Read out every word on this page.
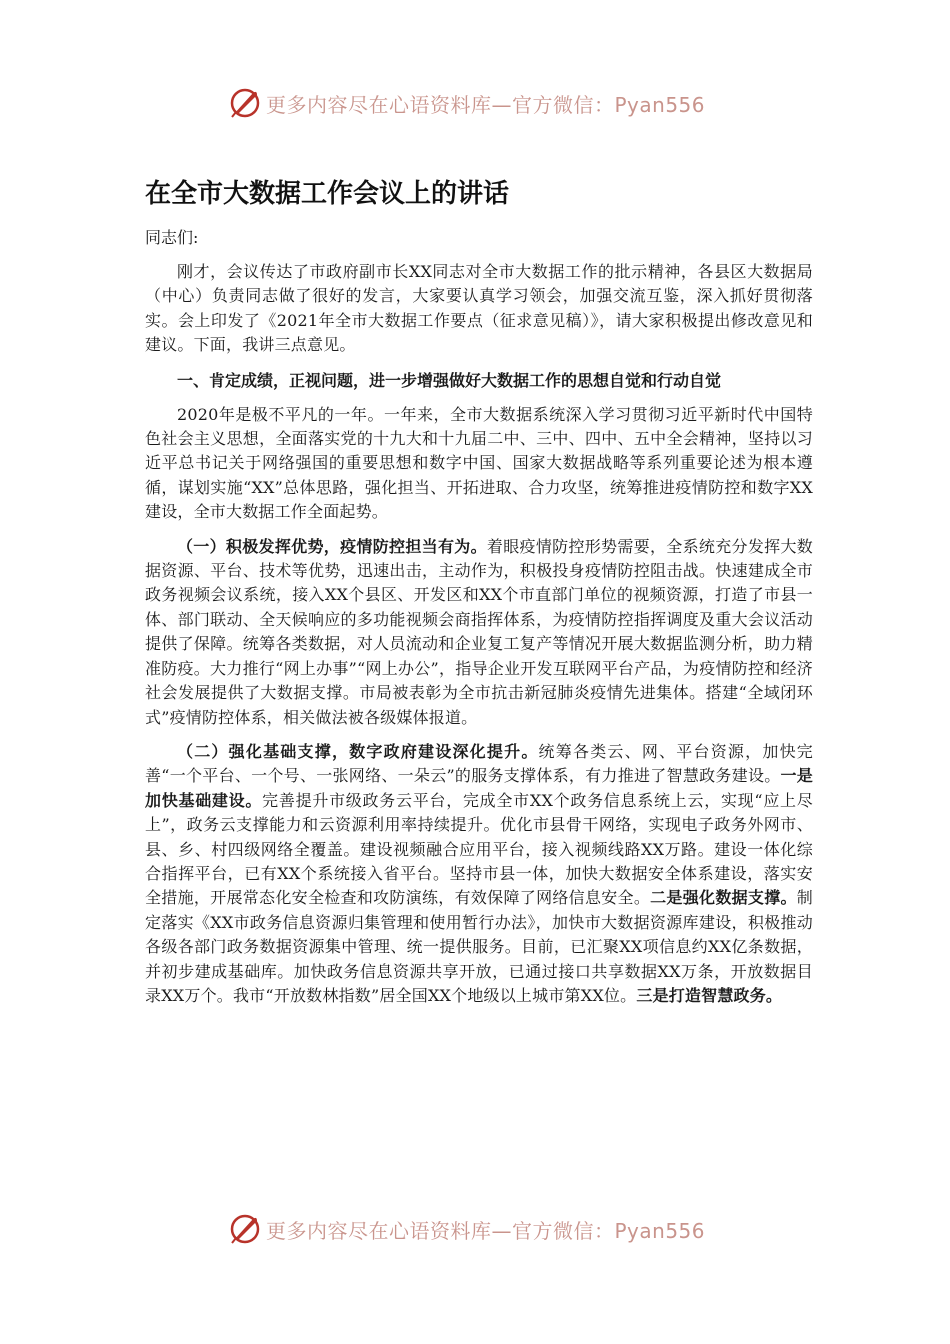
更多内容尽在心语资料库—官方微信：Pyan556
在全市大数据工作会议上的讲话

同志们:

刚才，会议传达了市政府副市长XX同志对全市大数据工作的批示精神，各县区大数据局（中心）负责同志做了很好的发言，大家要认真学习领会，加强交流互鉴，深入抓好贯彻落实。会上印发了《2021年全市大数据工作要点（征求意见稿）》，请大家积极提出修改意见和建议。下面，我讲三点意见。

一、肯定成绩，正视问题，进一步增强做好大数据工作的思想自觉和行动自觉

2020年是极不平凡的一年。一年来，全市大数据系统深入学习贯彻习近平新时代中国特色社会主义思想，全面落实党的十九大和十九届二中、三中、四中、五中全会精神，坚持以习近平总书记关于网络强国的重要思想和数字中国、国家大数据战略等系列重要论述为根本遵循，谋划实施“XX”总体思路，强化担当、开拓进取、合力攻坚，统筹推进疫情防控和数字XX建设，全市大数据工作全面起势。

（一）积极发挥优势，疫情防控担当有为。着眼疫情防控形势需要，全系统充分发挥大数据资源、平台、技术等优势，迅速出击，主动作为，积极投身疫情防控阻击战。快速建成全市政务视频会议系统，接入XX个县区、开发区和XX个市直部门单位的视频资源，打造了市县一体、部门联动、全天候响应的多功能视频会商指挥体系，为疫情防控指挥调度及重大会议活动提供了保障。统筹各类数据，对人员流动和企业复工复产等情况开展大数据监测分析，助力精准防疫。大力推行“网上办事”“网上办公”，指导企业开发互联网平台产品，为疫情防控和经济社会发展提供了大数据支撑。市局被表彰为全市抗击新冠肺炎疫情先进集体。搭建“全域闭环式”疫情防控体系，相关做法被各级媒体报道。

（二）强化基础支撑，数字政府建设深化提升。统筹各类云、网、平台资源，加快完善“一个平台、一个号、一张网络、一朵云”的服务支撑体系，有力推进了智慧政务建设。一是加快基础建设。完善提升市级政务云平台，完成全市XX个政务信息系统上云，实现“应上尽上”，政务云支撑能力和云资源利用率持续提升。优化市县骨干网络，实现电子政务外网市、县、乡、村四级网络全覆盖。建设视频融合应用平台，接入视频线路XX万路。建设一体化综合指挥平台，已有XX个系统接入省平台。坚持市县一体，加快大数据安全体系建设，落实安全措施，开展常态化安全检查和攻防演练，有效保障了网络信息安全。二是强化数据支撑。制定落实《XX市政务信息资源归集管理和使用暂行办法》，加快市大数据资源库建设，积极推动各级各部门政务数据资源集中管理、统一提供服务。目前，已汇聚XX项信息约XX亿条数据，并初步建成基础库。加快政务信息资源共享开放，已通过接口共享数据XX万条，开放数据目录XX万个。我市“开放数林指数”居全国XX个地级以上城市第XX位。三是打造智慧政务。

更多内容尽在心语资料库—官方微信：Pyan556
